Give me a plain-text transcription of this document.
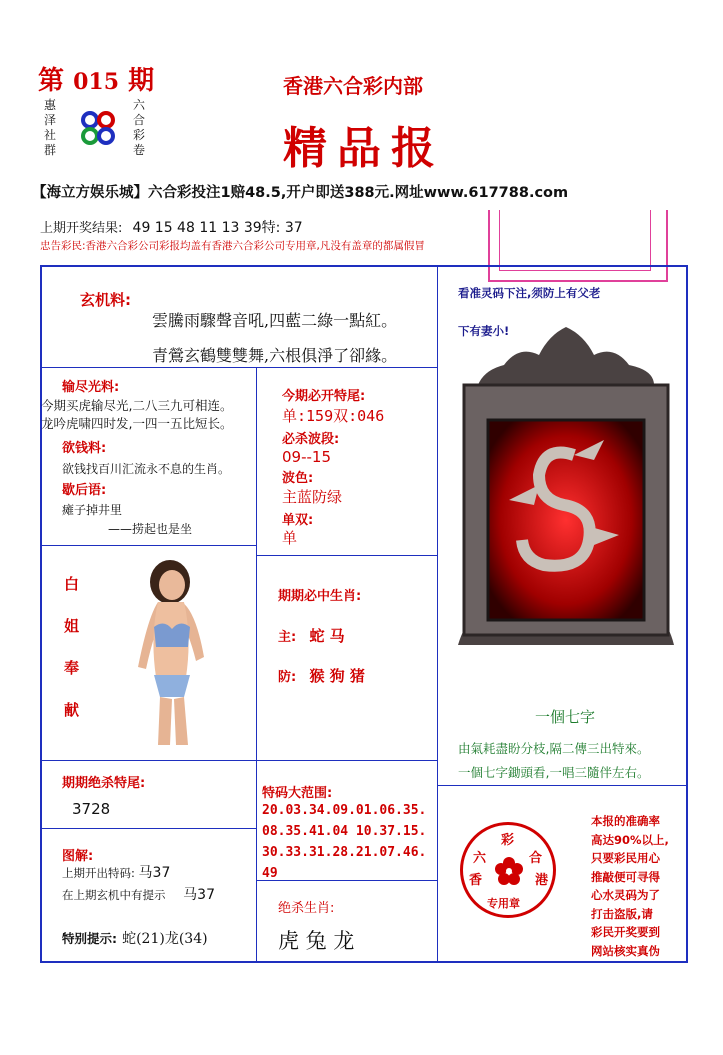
第 015 期
惠
泽
社
群
六
合
彩
卷
香港六合彩内部
精品报
【海立方娱乐城】六合彩投注1赔48.5,开户即送388元.网址www.617788.com
上期开奖结果: 49 15 48 11 13 39特: 37
忠告彩民:香港六合彩公司彩报均盖有香港六合彩公司专用章,凡没有盖章的都属假冒
玄机料:
雲騰雨驟聲音吼,四藍二綠一點紅。
青鶯玄鶴雙雙舞,六根俱淨了卻緣。
输尽光料:
今期买虎输尽光,二八三九可相连。
龙吟虎啸四时发,一四一五比短长。
欲钱料:
欲钱找百川汇流永不息的生肖。
歇后语:
瘫子掉井里
——捞起也是坐
今期必开特尾:
单:159双:046
必杀波段:
09--15
波色:
主蓝防绿
单双:
单
白
姐
奉
献
期期必中生肖:
主: 蛇 马
防: 猴 狗 猪
期期绝杀特尾:
3728
图解:
上期开出特码: 马37
在上期玄机中有提示 马37
特别提示: 蛇(21)龙(34)
特码大范围:
20.03.34.09.01.06.35.
08.35.41.04 10.37.15.
30.33.31.28.21.07.46.
49
绝杀生肖:
虎 兔 龙
看准灵码下注,须防上有父老
下有妻小!
一個七字
由氣耗盡盼分枝,隔二傳三出特來。
一個七字鋤頭看,一唱三隨伴左右。
彩
六	合
香	港
专用章
本报的准确率
高达90%以上,
只要彩民用心
推敲便可寻得
心水灵码为了
打击盗版,请
彩民开奖要到
网站核实真伪
